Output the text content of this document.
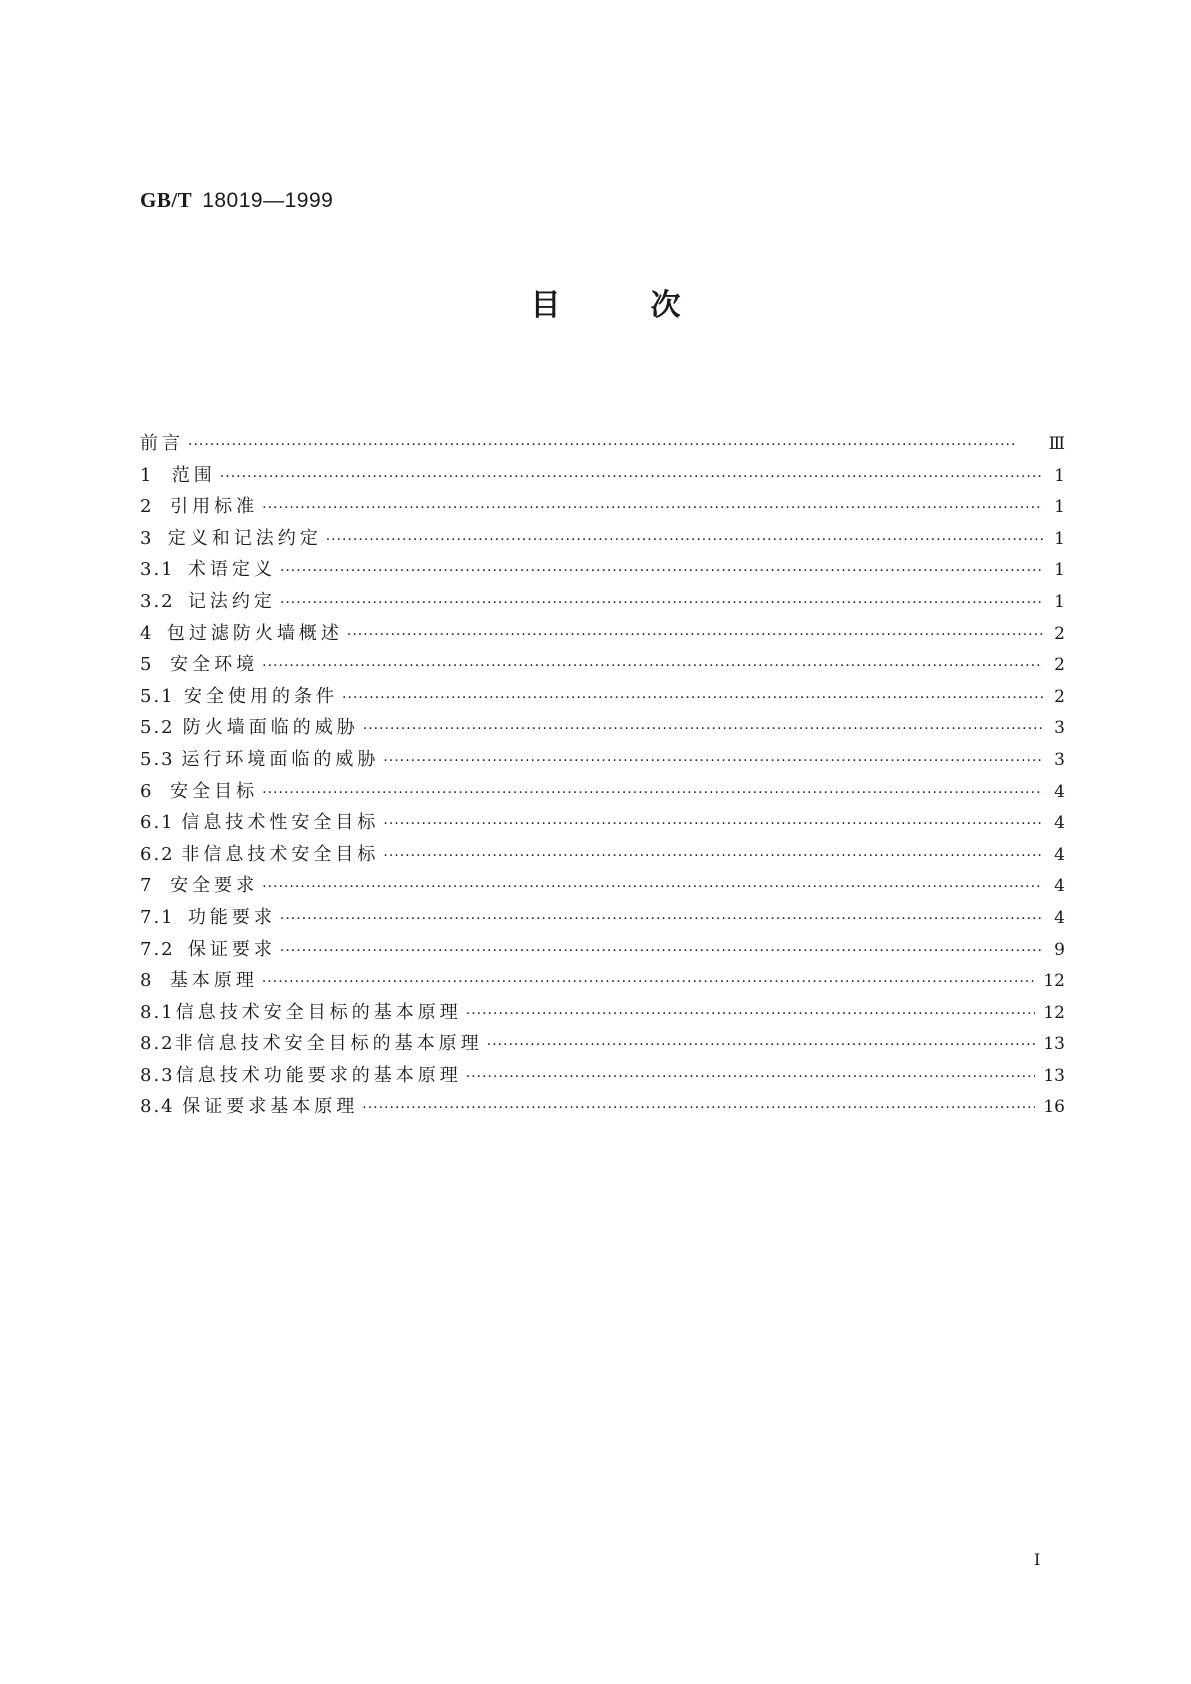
GB/T 18019—1999
目次
前言 ·····	Ⅲ
1	范围 ·····	1
2 引用标准 ·····	1
3 定义和记法约定 ·····	1
3.1 术语定义 ·····	1
3.2 记法约定 ·····	1
4 包过滤防火墙概述 ·····	2
5 安全环境 ·····	2
5.1 安全使用的条件 ·····	2
5.2 防火墙面临的威胁 ·····	3
5.3 运行环境面临的威胁 ·····	3
6 安全目标 ·····	4
6.1 信息技术性安全目标 ·····	4
6.2 非信息技术安全目标 ·····	4
7 安全要求 ·····	4
7.1 功能要求 ·····	4
7.2 保证要求 ·····	9
8 基本原理 ·····	12
8.1 信息技术安全目标的基本原理 ·····	12
8.2 非信息技术安全目标的基本原理 ·····	13
8.3 信息技术功能要求的基本原理 ·····	13
8.4 保证要求基本原理 ·····	16
I
